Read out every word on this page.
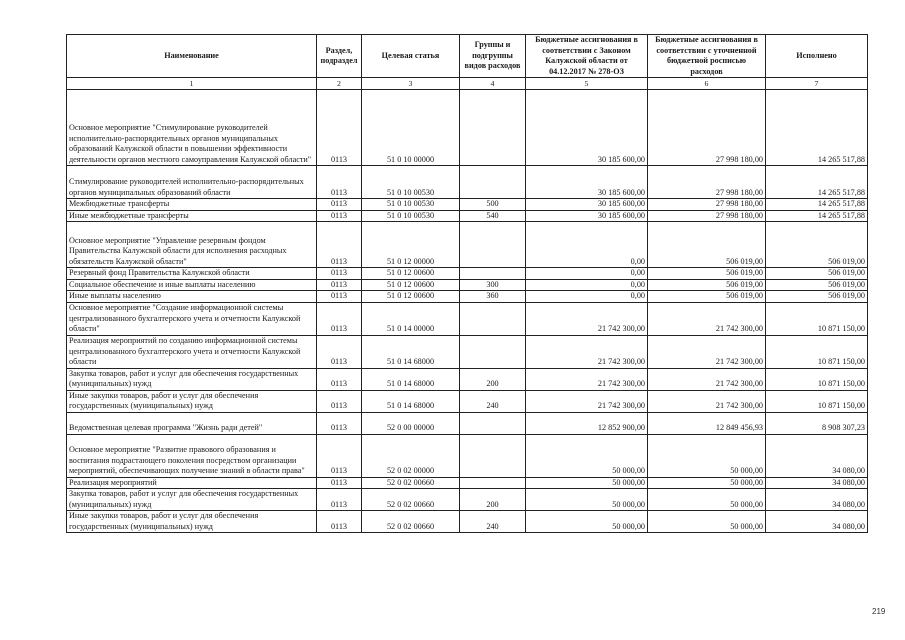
Наименование	Раздел, подраздел	Целевая статья	Группы и подгруппы видов расходов	Бюджетные ассигнования в соответствии с Законом Калужской области от 04.12.2017 № 278-ОЗ	Бюджетные ассигнования в соответствии с уточненной бюджетной росписью расходов	Исполнено
1	2	3	4	5	6	7
Основное мероприятие "Стимулирование руководителей исполнительно-распорядительных органов муниципальных образований Калужской области в повышении эффективности деятельности органов местного самоуправления Калужской области"	0113	51 0 10 00000		30 185 600,00	27 998 180,00	14 265 517,88
Стимулирование руководителей исполнительно-распорядительных органов муниципальных образований области	0113	51 0 10 00530		30 185 600,00	27 998 180,00	14 265 517,88
Межбюджетные трансферты	0113	51 0 10 00530	500	30 185 600,00	27 998 180,00	14 265 517,88
Иные межбюджетные трансферты	0113	51 0 10 00530	540	30 185 600,00	27 998 180,00	14 265 517,88
Основное мероприятие "Управление резервным фондом Правительства Калужской области для исполнения расходных обязательств Калужской области"	0113	51 0 12 00000		0,00	506 019,00	506 019,00
Резервный фонд Правительства Калужской области	0113	51 0 12 00600		0,00	506 019,00	506 019,00
Социальное обеспечение и иные выплаты населению	0113	51 0 12 00600	300	0,00	506 019,00	506 019,00
Иные выплаты населению	0113	51 0 12 00600	360	0,00	506 019,00	506 019,00
Основное мероприятие "Создание информационной системы централизованного бухгалтерского учета и отчетности Калужской области"	0113	51 0 14 00000		21 742 300,00	21 742 300,00	10 871 150,00
Реализация мероприятий по созданию информационной системы централизованного бухгалтерского учета и отчетности Калужской области	0113	51 0 14 68000		21 742 300,00	21 742 300,00	10 871 150,00
Закупка товаров, работ и услуг для обеспечения государственных (муниципальных) нужд	0113	51 0 14 68000	200	21 742 300,00	21 742 300,00	10 871 150,00
Иные закупки товаров, работ и услуг для обеспечения государственных (муниципальных) нужд	0113	51 0 14 68000	240	21 742 300,00	21 742 300,00	10 871 150,00
Ведомственная целевая программа "Жизнь ради детей"	0113	52 0 00 00000		12 852 900,00	12 849 456,93	8 908 307,23
Основное мероприятие "Развитие правового образования и воспитания подрастающего поколения посредством организации мероприятий, обеспечивающих получение знаний в области права"	0113	52 0 02 00000		50 000,00	50 000,00	34 080,00
Реализация мероприятий	0113	52 0 02 00660		50 000,00	50 000,00	34 080,00
Закупка товаров, работ и услуг для обеспечения государственных (муниципальных) нужд	0113	52 0 02 00660	200	50 000,00	50 000,00	34 080,00
Иные закупки товаров, работ и услуг для обеспечения государственных (муниципальных) нужд	0113	52 0 02 00660	240	50 000,00	50 000,00	34 080,00
219
